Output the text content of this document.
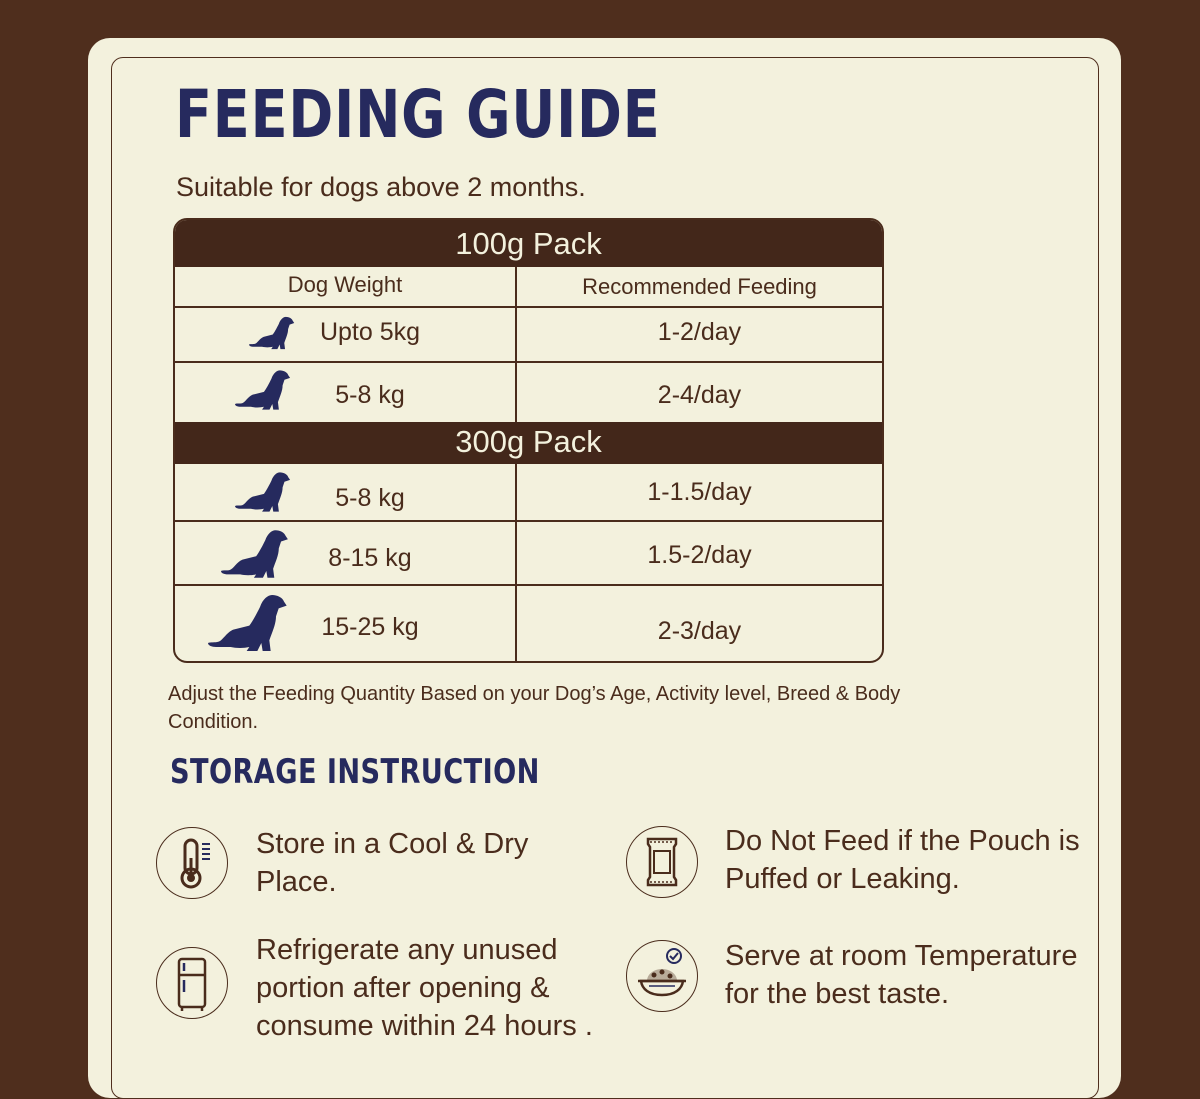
FEEDING GUIDE

Suitable for dogs above 2 months.

100g Pack
Dog Weight	Recommended Feeding
Upto 5kg	1-2/day
5-8 kg	2-4/day
300g Pack
5-8 kg	1-1.5/day
8-15 kg	1.5-2/day
15-25 kg	2-3/day

Adjust the Feeding Quantity Based on your Dog’s Age, Activity level, Breed & Body Condition.

STORAGE INSTRUCTION

Store in a Cool & Dry Place.

Do Not Feed if the Pouch is Puffed or Leaking.

Refrigerate any unused portion after opening & consume within 24 hours .

Serve at room Temperature for the best taste.
